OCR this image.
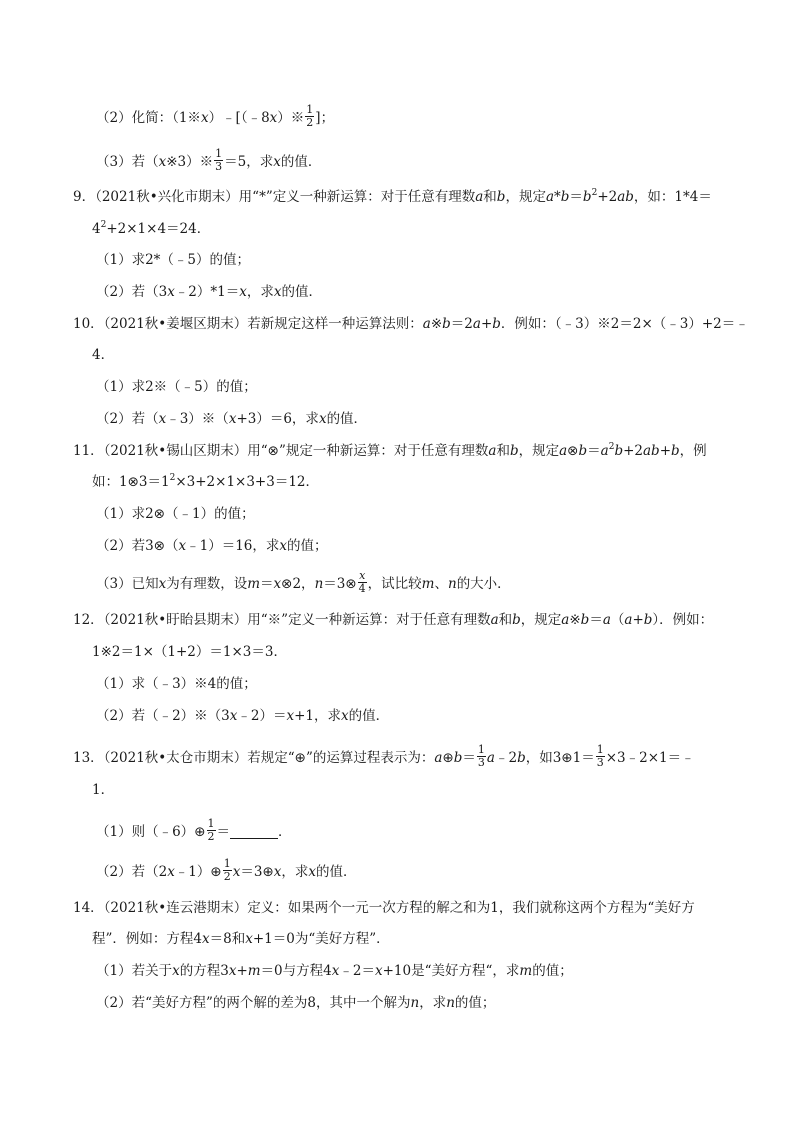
（2）化简：（1※x）﹣[（﹣8x）※ $\frac{1}{2}$ ]；
（3）若（x※3）※ $\frac{1}{3} =5$，求x的值．
9．（2021秋•兴化市期末）用“*”定义一种新运算：对于任意有理数a和b，规定$a*b=b^2+2ab$，如：1*4＝
$4^2+2\times 1\times 4=24$．
（1）求2*（﹣5）的值；
（2）若（3x﹣2）*1＝x，求x的值．
10．（2021秋•姜堰区期末）若新规定这样一种运算法则：a※b＝2a+b．例如：（﹣3）※2＝2×（﹣3）+2＝﹣
4．
（1）求2※（﹣5）的值；
（2）若（x﹣3）※（x+3）＝6，求x的值．
11．（2021秋•锡山区期末）用“⊗”规定一种新运算：对于任意有理数a和b，规定$a\otimes b=a^2b+2ab+b$，例
如：$1\otimes 3=1^2\times 3+2\times 1\times 3+3=12$．
（1）求2⊗（﹣1）的值；
（2）若3⊗（x﹣1）＝16，求x的值；
（3）已知x为有理数，设m＝x⊗2，n＝3⊗ $\frac{x}{4}$ ，试比较m、n的大小．
12．（2021秋•盱眙县期末）用“※”定义一种新运算：对于任意有理数a和b，规定a※b＝a（a+b）．例如：
1※2＝1×（1+2）＝1×3＝3．
（1）求（﹣3）※4的值；
（2）若（﹣2）※（3x﹣2）＝x+1，求x的值．
13．（2021秋•太仓市期末）若规定“⊕”的运算过程表示为：a⊕b＝ $\frac{1}{3}$ a﹣2b，如3⊕1＝ $\frac{1}{3}$ ×3﹣2×1＝﹣
1．
（1）则（﹣6）⊕ $\frac{1}{2}$ ＝	．
（2）若（2x﹣1）⊕ $\frac{1}{2}$ x＝3⊕x，求x的值．
14．（2021秋•连云港期末）定义：如果两个一元一次方程的解之和为1，我们就称这两个方程为“美好方
程”．例如：方程4x＝8和x+1＝0为“美好方程”．
（1）若关于x的方程3x+m＝0与方程4x﹣2＝x+10是“美好方程“，求m的值；
（2）若“美好方程”的两个解的差为8，其中一个解为n，求n的值；
